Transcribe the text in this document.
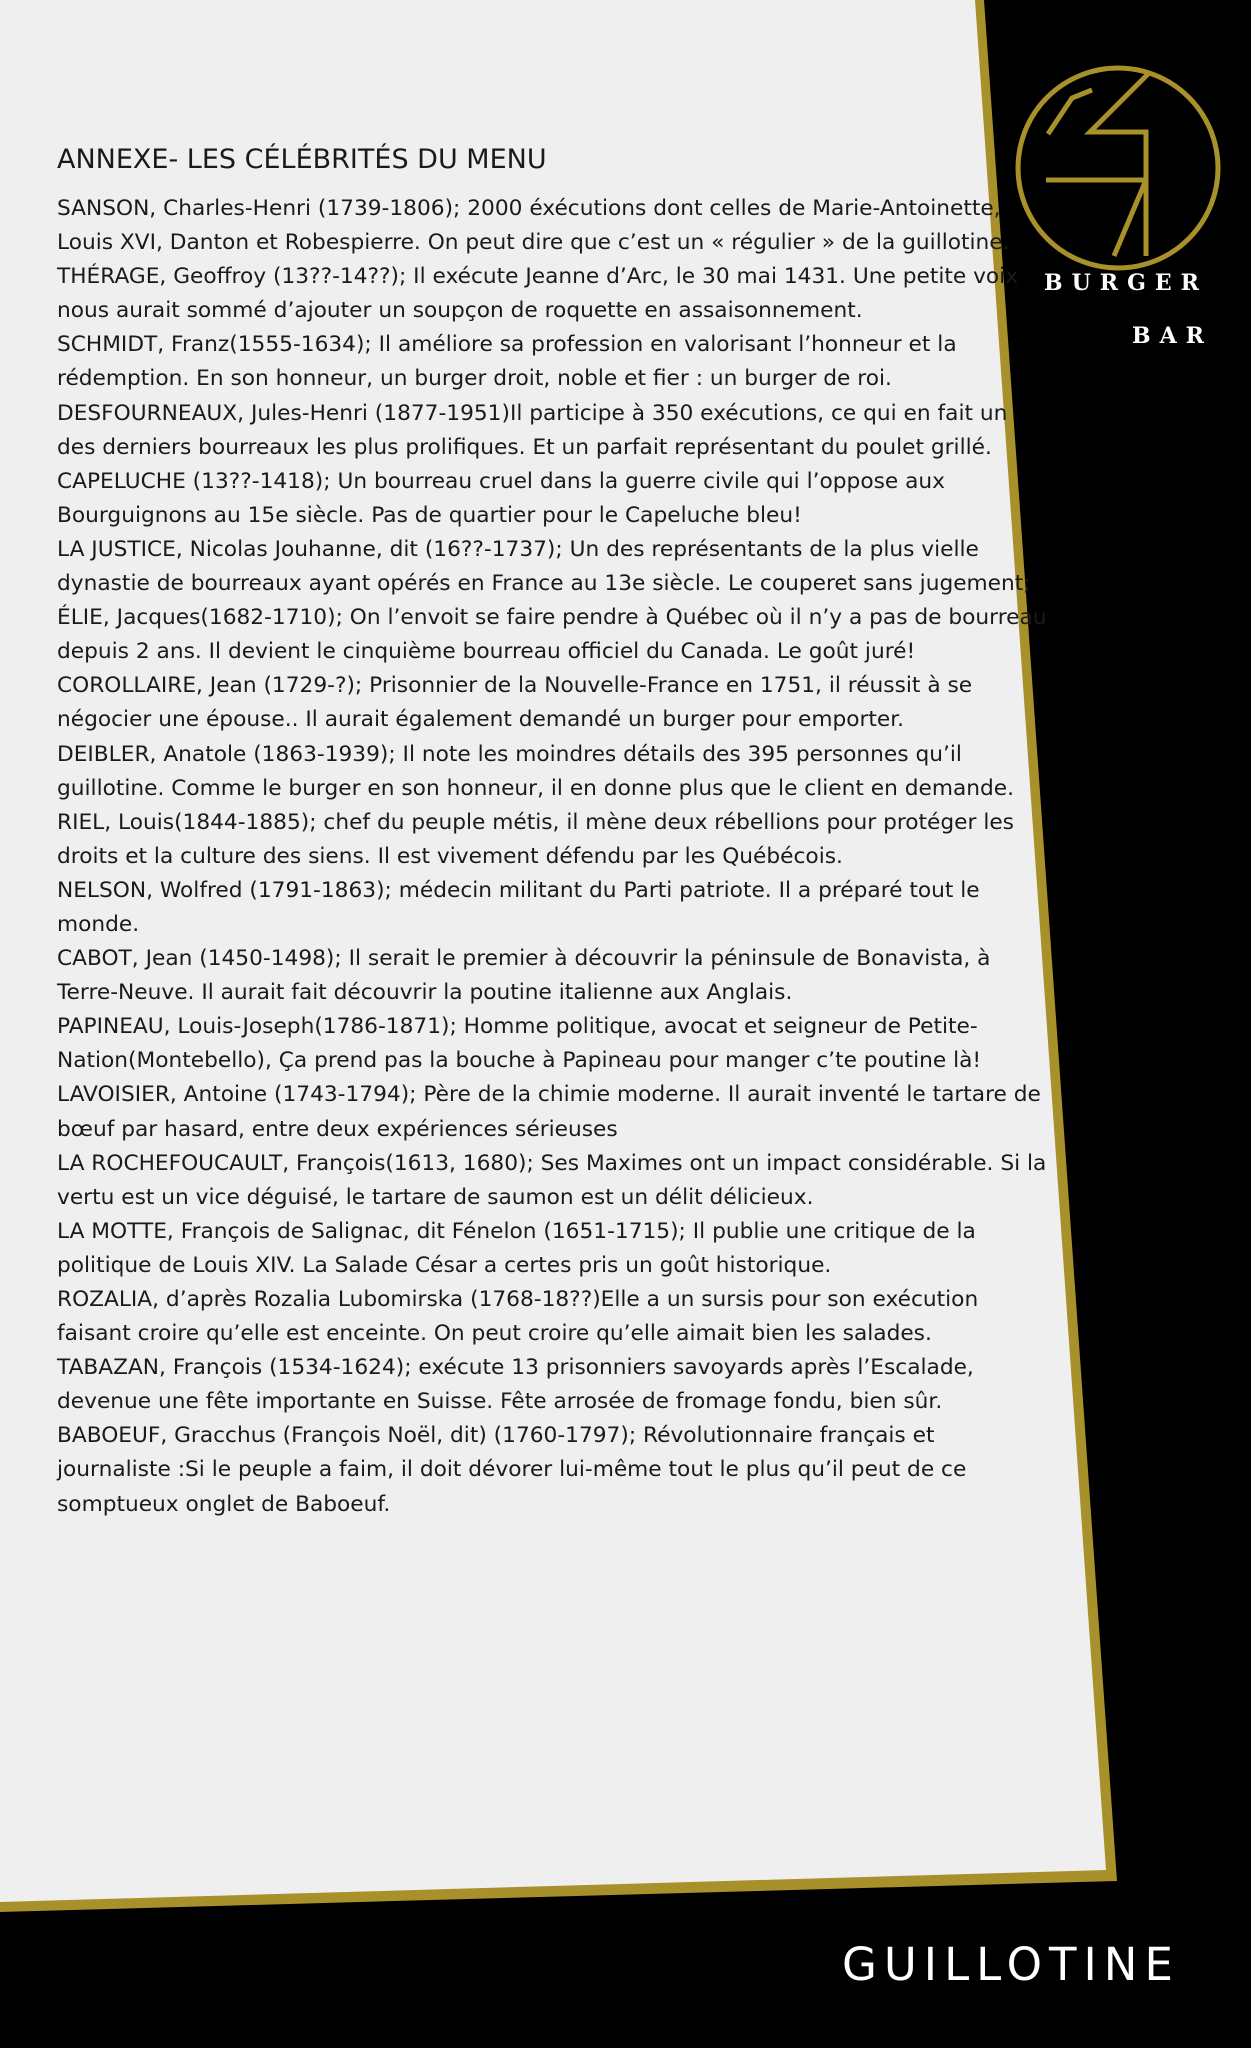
BURGER

BAR

ANNEXE- LES CÉLÉBRITÉS DU MENU
SANSON, Charles-Henri (1739-1806); 2000 éxécutions dont celles de Marie-Antoinette, Louis XVI, Danton et Robespierre. On peut dire que c’est un « régulier » de la guillotine.
THÉRAGE, Geoffroy (13??-14??); Il exécute Jeanne d’Arc, le 30 mai 1431. Une petite voix nous aurait sommé d’ajouter un soupçon de roquette en assaisonnement.
SCHMIDT, Franz(1555-1634); Il améliore sa profession en valorisant l’honneur et la rédemption. En son honneur, un burger droit, noble et fier : un burger de roi.
DESFOURNEAUX, Jules-Henri (1877-1951)Il participe à 350 exécutions, ce qui en fait un des derniers bourreaux les plus prolifiques. Et un parfait représentant du poulet grillé.
CAPELUCHE (13??-1418); Un bourreau cruel dans la guerre civile qui l’oppose aux Bourguignons au 15e siècle. Pas de quartier pour le Capeluche bleu!
LA JUSTICE, Nicolas Jouhanne, dit (16??-1737); Un des représentants de la plus vielle dynastie de bourreaux ayant opérés en France au 13e siècle. Le couperet sans jugement;
ÉLIE, Jacques(1682-1710); On l’envoit se faire pendre à Québec où il n’y a pas de bourreau depuis 2 ans. Il devient le cinquième bourreau officiel du Canada. Le goût juré!
COROLLAIRE, Jean (1729-?); Prisonnier de la Nouvelle-France en 1751, il réussit à se négocier une épouse.. Il aurait également demandé un burger pour emporter.
DEIBLER, Anatole (1863-1939); Il note les moindres détails des 395 personnes qu’il guillotine. Comme le burger en son honneur, il en donne plus que le client en demande.
RIEL, Louis(1844-1885); chef du peuple métis, il mène deux rébellions pour protéger les droits et la culture des siens. Il est vivement défendu par les Québécois.
NELSON, Wolfred (1791-1863); médecin militant du Parti patriote. Il a préparé tout le monde.
CABOT, Jean (1450-1498); Il serait le premier à découvrir la péninsule de Bonavista, à Terre-Neuve. Il aurait fait découvrir la poutine italienne aux Anglais.
PAPINEAU, Louis-Joseph(1786-1871); Homme politique, avocat et seigneur de Petite-Nation(Montebello), Ça prend pas la bouche à Papineau pour manger c’te poutine là!
LAVOISIER, Antoine (1743-1794); Père de la chimie moderne. Il aurait inventé le tartare de bœuf par hasard, entre deux expériences sérieuses
LA ROCHEFOUCAULT, François(1613, 1680); Ses Maximes ont un impact considérable. Si la vertu est un vice déguisé, le tartare de saumon est un délit délicieux.
LA MOTTE, François de Salignac, dit Fénelon (1651-1715); Il publie une critique de la politique de Louis XIV. La Salade César a certes pris un goût historique.
ROZALIA, d’après Rozalia Lubomirska (1768-18??)Elle a un sursis pour son exécution faisant croire qu’elle est enceinte. On peut croire qu’elle aimait bien les salades.
TABAZAN, François (1534-1624); exécute 13 prisonniers savoyards après l’Escalade, devenue une fête importante en Suisse. Fête arrosée de fromage fondu, bien sûr.
BABOEUF, Gracchus (François Noël, dit) (1760-1797); Révolutionnaire français et journaliste :Si le peuple a faim, il doit dévorer lui-même tout le plus qu’il peut de ce somptueux onglet de Baboeuf.

GUILLOTINE
